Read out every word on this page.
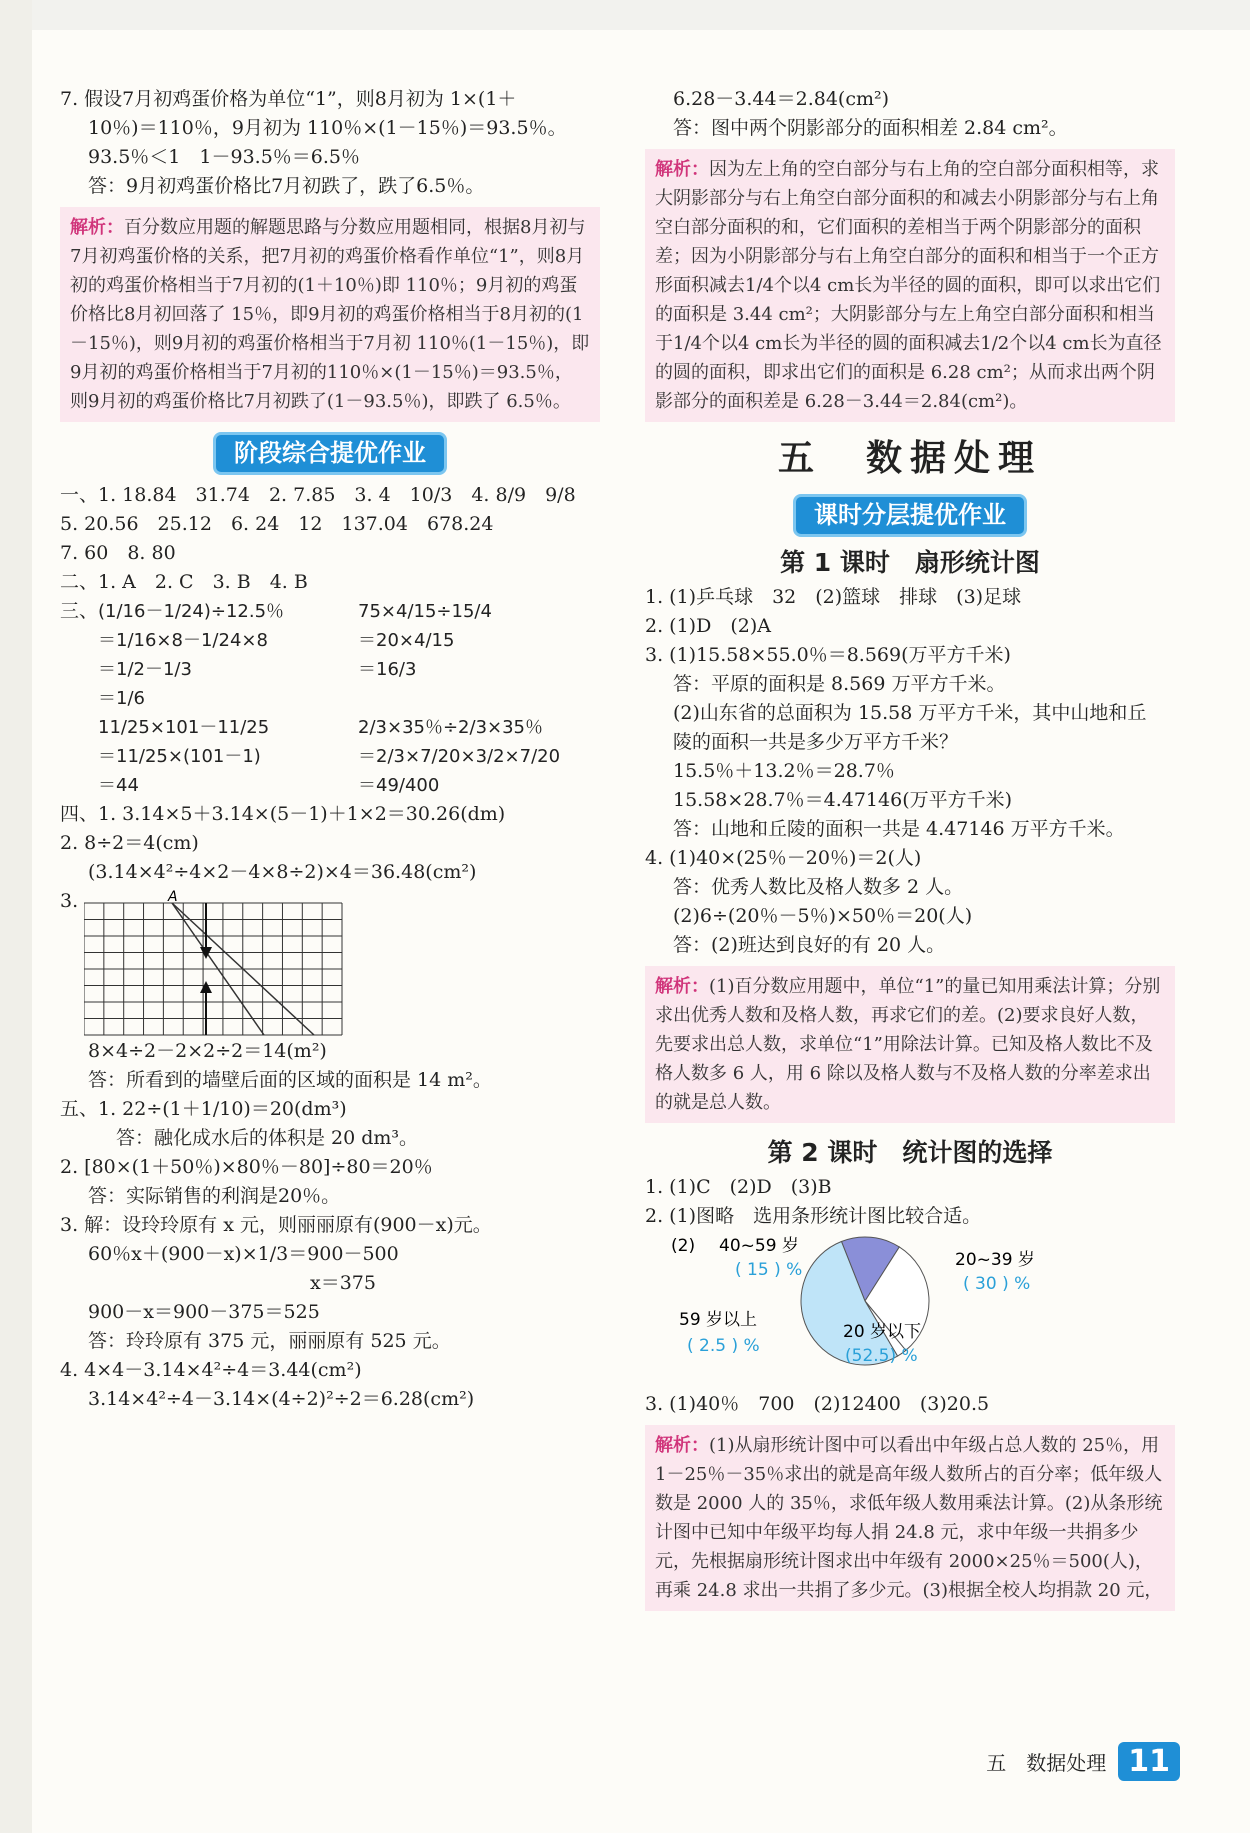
7. 假设7月初鸡蛋价格为单位“1”，则8月初为 1×(1＋
10％)＝110％，9月初为 110％×(1－15％)＝93.5％。
93.5％＜1　1－93.5％＝6.5％
答：9月初鸡蛋价格比7月初跌了，跌了6.5％。
解析：百分数应用题的解题思路与分数应用题相同，根据8月初与7月初鸡蛋价格的关系，把7月初的鸡蛋价格看作单位“1”，则8月初的鸡蛋价格相当于7月初的(1＋10％)即 110％；9月初的鸡蛋价格比8月初回落了 15％，即9月初的鸡蛋价格相当于8月初的(1－15％)，则9月初的鸡蛋价格相当于7月初 110％(1－15％)，即9月初的鸡蛋价格相当于7月初的110％×(1－15％)＝93.5％，则9月初的鸡蛋价格比7月初跌了(1－93.5％)，即跌了 6.5％。
阶段综合提优作业
一、1. 18.84　31.74　2. 7.85　3. 4　10/3　4. 8/9　9/8
5. 20.56　25.12　6. 24　12　137.04　678.24
7. 60　8. 80
二、1. A　2. C　3. B　4. B
三、 (1/16－1/24)÷12.5％	75×4/15÷15/4
＝1/16×8－1/24×8	＝20×4/15
＝1/2－1/3	＝16/3
＝1/6
11/25×101－11/25	2/3×35％÷2/3×35％
＝11/25×(101－1)	＝2/3×7/20×3/2×7/20
＝44	＝49/400
四、1. 3.14×5＋3.14×(5－1)＋1×2＝30.26(dm)
2. 8÷2＝4(cm)
(3.14×4²÷4×2－4×8÷2)×4＝36.48(cm²)
3.	A
8×4÷2－2×2÷2＝14(m²)
答：所看到的墙壁后面的区域的面积是 14 m²。
五、1. 22÷(1＋1/10)＝20(dm³)
答：融化成水后的体积是 20 dm³。
2. [80×(1＋50％)×80％－80]÷80＝20％
答：实际销售的利润是20％。
3. 解：设玲玲原有 x 元，则丽丽原有(900－x)元。
60％x＋(900－x)×1/3＝900－500
x＝375
900－x＝900－375＝525
答：玲玲原有 375 元，丽丽原有 525 元。
4. 4×4－3.14×4²÷4＝3.44(cm²)
3.14×4²÷4－3.14×(4÷2)²÷2＝6.28(cm²)
6.28－3.44＝2.84(cm²)
答：图中两个阴影部分的面积相差 2.84 cm²。
解析：因为左上角的空白部分与右上角的空白部分面积相等，求大阴影部分与右上角空白部分面积的和减去小阴影部分与右上角空白部分面积的和，它们面积的差相当于两个阴影部分的面积差；因为小阴影部分与右上角空白部分的面积和相当于一个正方形面积减去1/4个以4 cm长为半径的圆的面积，即可以求出它们的面积是 3.44 cm²；大阴影部分与左上角空白部分面积和相当于1/4个以4 cm长为半径的圆的面积减去1/2个以4 cm长为直径的圆的面积，即求出它们的面积是 6.28 cm²；从而求出两个阴影部分的面积差是 6.28－3.44＝2.84(cm²)。
五　数据处理
课时分层提优作业
第 1 课时　扇形统计图
1. (1)乒乓球　32　(2)篮球　排球　(3)足球
2. (1)D　(2)A
3. (1)15.58×55.0％＝8.569(万平方千米)
答：平原的面积是 8.569 万平方千米。
(2)山东省的总面积为 15.58 万平方千米，其中山地和丘
陵的面积一共是多少万平方千米？
15.5％＋13.2％＝28.7％
15.58×28.7％＝4.47146(万平方千米)
答：山地和丘陵的面积一共是 4.47146 万平方千米。
4. (1)40×(25％－20％)＝2(人)
答：优秀人数比及格人数多 2 人。
(2)6÷(20％－5％)×50％＝20(人)
答：(2)班达到良好的有 20 人。
解析：(1)百分数应用题中，单位“1”的量已知用乘法计算；分别求出优秀人数和及格人数，再求它们的差。(2)要求良好人数，先要求出总人数，求单位“1”用除法计算。已知及格人数比不及格人数多 6 人，用 6 除以及格人数与不及格人数的分率差求出的就是总人数。
第 2 课时　统计图的选择
1. (1)C　(2)D　(3)B
2. (1)图略　选用条形统计图比较合适。
(2) 40~59 岁
( 15 ) %	20~39 岁
( 30 ) %
59 岁以上
( 2.5 ) %
20 岁以下
(52.5) %
3. (1)40％　700　(2)12400　(3)20.5
解析：(1)从扇形统计图中可以看出中年级占总人数的 25％，用 1－25％－35％求出的就是高年级人数所占的百分率；低年级人数是 2000 人的 35％，求低年级人数用乘法计算。(2)从条形统计图中已知中年级平均每人捐 24.8 元，求中年级一共捐多少元，先根据扇形统计图求出中年级有 2000×25％＝500(人)，再乘 24.8 求出一共捐了多少元。(3)根据全校人均捐款 20 元，
五　数据处理 11
